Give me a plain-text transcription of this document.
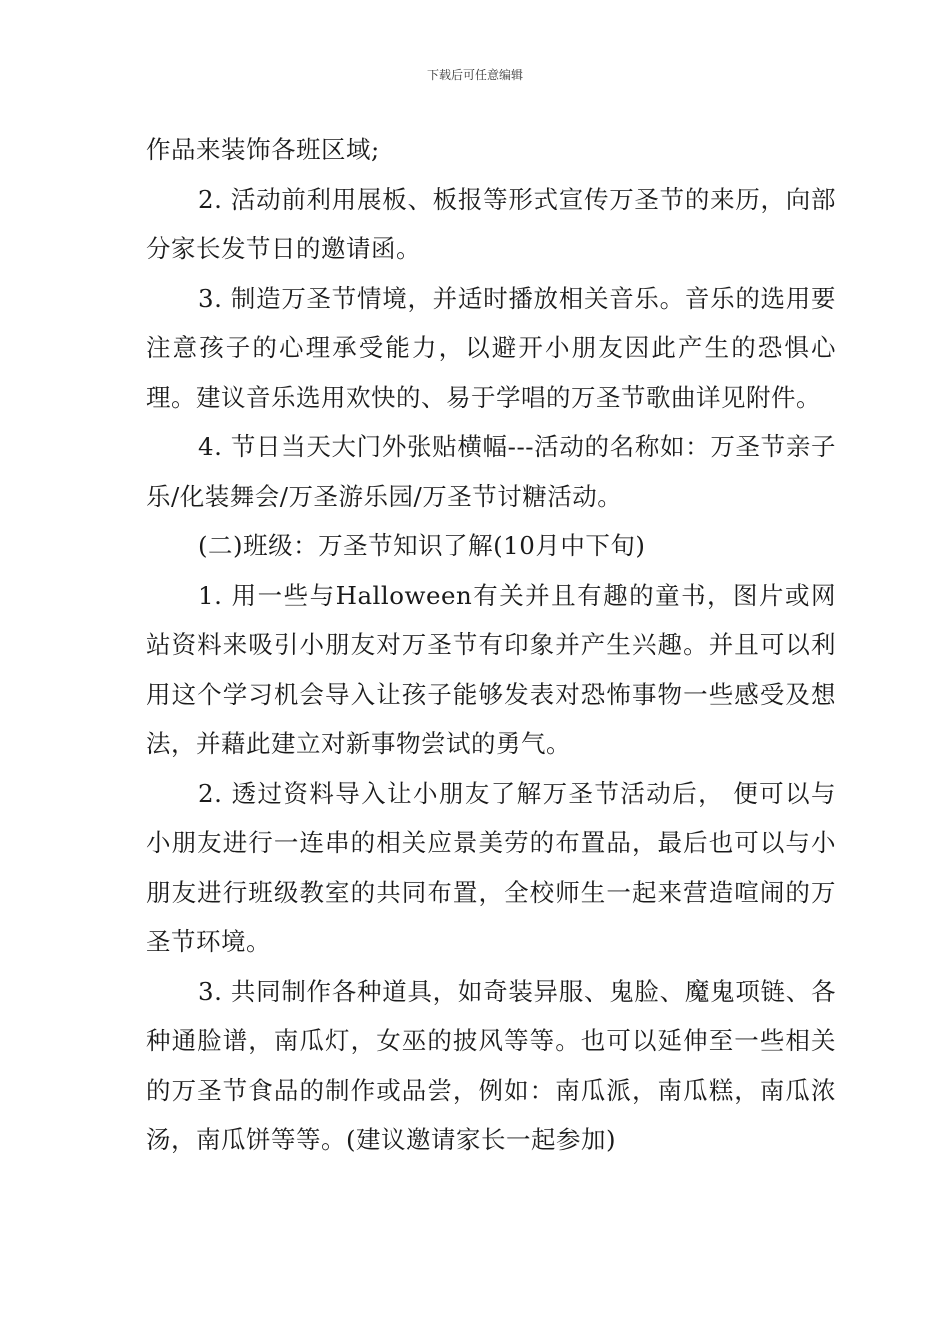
下载后可任意编辑

作品来装饰各班区域;

2. 活动前利用展板、板报等形式宣传万圣节的来历，向部分家长发节日的邀请函。

3. 制造万圣节情境，并适时播放相关音乐。音乐的选用要注意孩子的心理承受能力，以避开小朋友因此产生的恐惧心理。建议音乐选用欢快的、易于学唱的万圣节歌曲详见附件。

4. 节日当天大门外张贴横幅---活动的名称如：万圣节亲子乐/化装舞会/万圣游乐园/万圣节讨糖活动。

(二)班级：万圣节知识了解(10月中下旬)

1. 用一些与Halloween有关并且有趣的童书，图片或网站资料来吸引小朋友对万圣节有印象并产生兴趣。并且可以利用这个学习机会导入让孩子能够发表对恐怖事物一些感受及想法，并藉此建立对新事物尝试的勇气。

2. 透过资料导入让小朋友了解万圣节活动后， 便可以与小朋友进行一连串的相关应景美劳的布置品，最后也可以与小朋友进行班级教室的共同布置，全校师生一起来营造喧闹的万圣节环境。

3. 共同制作各种道具，如奇装异服、鬼脸、魔鬼项链、各种通脸谱，南瓜灯，女巫的披风等等。也可以延伸至一些相关的万圣节食品的制作或品尝，例如：南瓜派，南瓜糕，南瓜浓汤，南瓜饼等等。(建议邀请家长一起参加)
